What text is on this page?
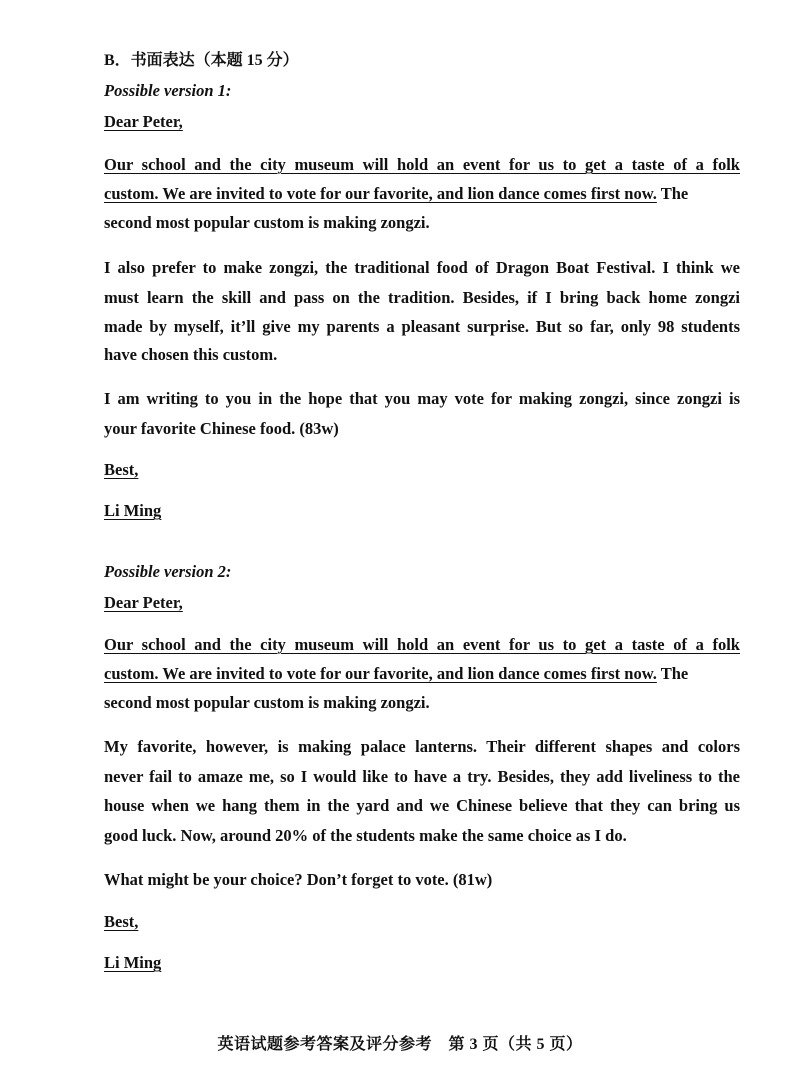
B．书面表达（本题 15 分）
Possible version 1:
Dear Peter,
Our school and the city museum will hold an event for us to get a taste of a folk
custom. We are invited to vote for our favorite, and lion dance comes first now. The
second most popular custom is making zongzi.
I also prefer to make zongzi, the traditional food of Dragon Boat Festival. I think we
must learn the skill and pass on the tradition. Besides, if I bring back home zongzi
made by myself, it’ll give my parents a pleasant surprise. But so far, only 98 students
have chosen this custom.
I am writing to you in the hope that you may vote for making zongzi, since zongzi is
your favorite Chinese food. (83w)
Best,
Li Ming
Possible version 2:
Dear Peter,
Our school and the city museum will hold an event for us to get a taste of a folk
custom. We are invited to vote for our favorite, and lion dance comes first now. The
second most popular custom is making zongzi.
My favorite, however, is making palace lanterns. Their different shapes and colors
never fail to amaze me, so I would like to have a try. Besides, they add liveliness to the
house when we hang them in the yard and we Chinese believe that they can bring us
good luck. Now, around 20% of the students make the same choice as I do.
What might be your choice? Don’t forget to vote. (81w)
Best,
Li Ming
英语试题参考答案及评分参考　第 3 页（共 5 页）
